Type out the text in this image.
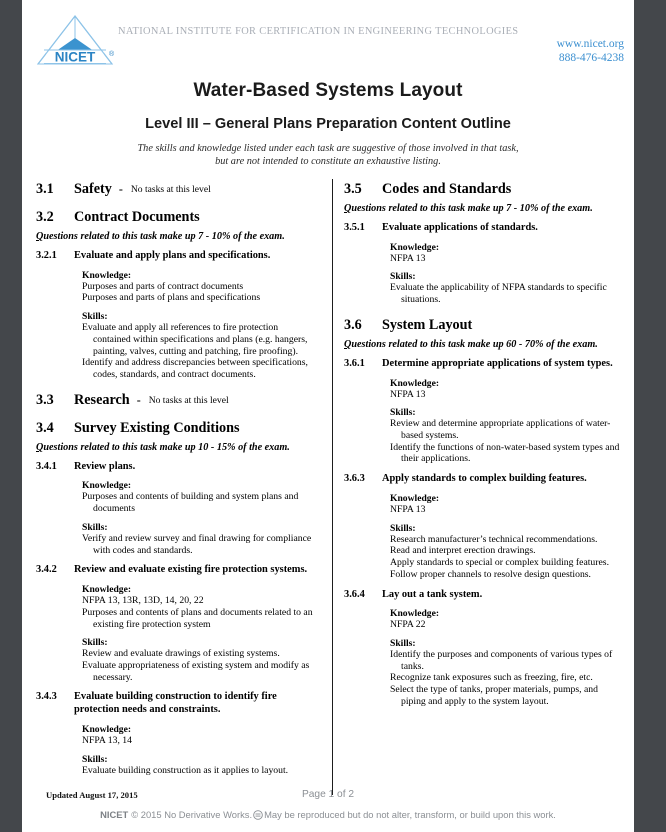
NICET ®
NATIONAL INSTITUTE FOR CERTIFICATION IN ENGINEERING TECHNOLOGIES
www.nicet.org
888-476-4238
Water-Based Systems Layout
Level III – General Plans Preparation Content Outline
The skills and knowledge listed under each task are suggestive of those involved in that task,
but are not intended to constitute an exhaustive listing.
3.1	Safety - No tasks at this level
3.2	Contract Documents
Questions related to this task make up 7 - 10% of the exam.
3.2.1	Evaluate and apply plans and specifications.
Knowledge:
Purposes and parts of contract documents
Purposes and parts of plans and specifications
Skills:
Evaluate and apply all references to fire protection contained within specifications and plans (e.g. hangers, painting, valves, cutting and patching, fire proofing).
Identify and address discrepancies between specifications, codes, standards, and contract documents.
3.3	Research - No tasks at this level
3.4	Survey Existing Conditions
Questions related to this task make up 10 - 15% of the exam.
3.4.1	Review plans.
Knowledge:
Purposes and contents of building and system plans and documents
Skills:
Verify and review survey and final drawing for compliance with codes and standards.
3.4.2	Review and evaluate existing fire protection systems.
Knowledge:
NFPA 13, 13R, 13D, 14, 20, 22
Purposes and contents of plans and documents related to an existing fire protection system
Skills:
Review and evaluate drawings of existing systems.
Evaluate appropriateness of existing system and modify as necessary.
3.4.3	Evaluate building construction to identify fire protection needs and constraints.
Knowledge:
NFPA 13, 14
Skills:
Evaluate building construction as it applies to layout.
3.5	Codes and Standards
Questions related to this task make up 7 - 10% of the exam.
3.5.1	Evaluate applications of standards.
Knowledge:
NFPA 13
Skills:
Evaluate the applicability of NFPA standards to specific situations.
3.6	System Layout
Questions related to this task make up 60 - 70% of the exam.
3.6.1	Determine appropriate applications of system types.
Knowledge:
NFPA 13
Skills:
Review and determine appropriate applications of water-based systems.
Identify the functions of non-water-based system types and their applications.
3.6.3	Apply standards to complex building features.
Knowledge:
NFPA 13
Skills:
Research manufacturer’s technical recommendations.
Read and interpret erection drawings.
Apply standards to special or complex building features.
Follow proper channels to resolve design questions.
3.6.4	Lay out a tank system.
Knowledge:
NFPA 22
Skills:
Identify the purposes and components of various types of tanks.
Recognize tank exposures such as freezing, fire, etc.
Select the type of tanks, proper materials, pumps, and piping and apply to the system layout.
Updated August 17, 2015	Page 1 of 2
NICET © 2015 No Derivative Works. May be reproduced but do not alter, transform, or build upon this work.
